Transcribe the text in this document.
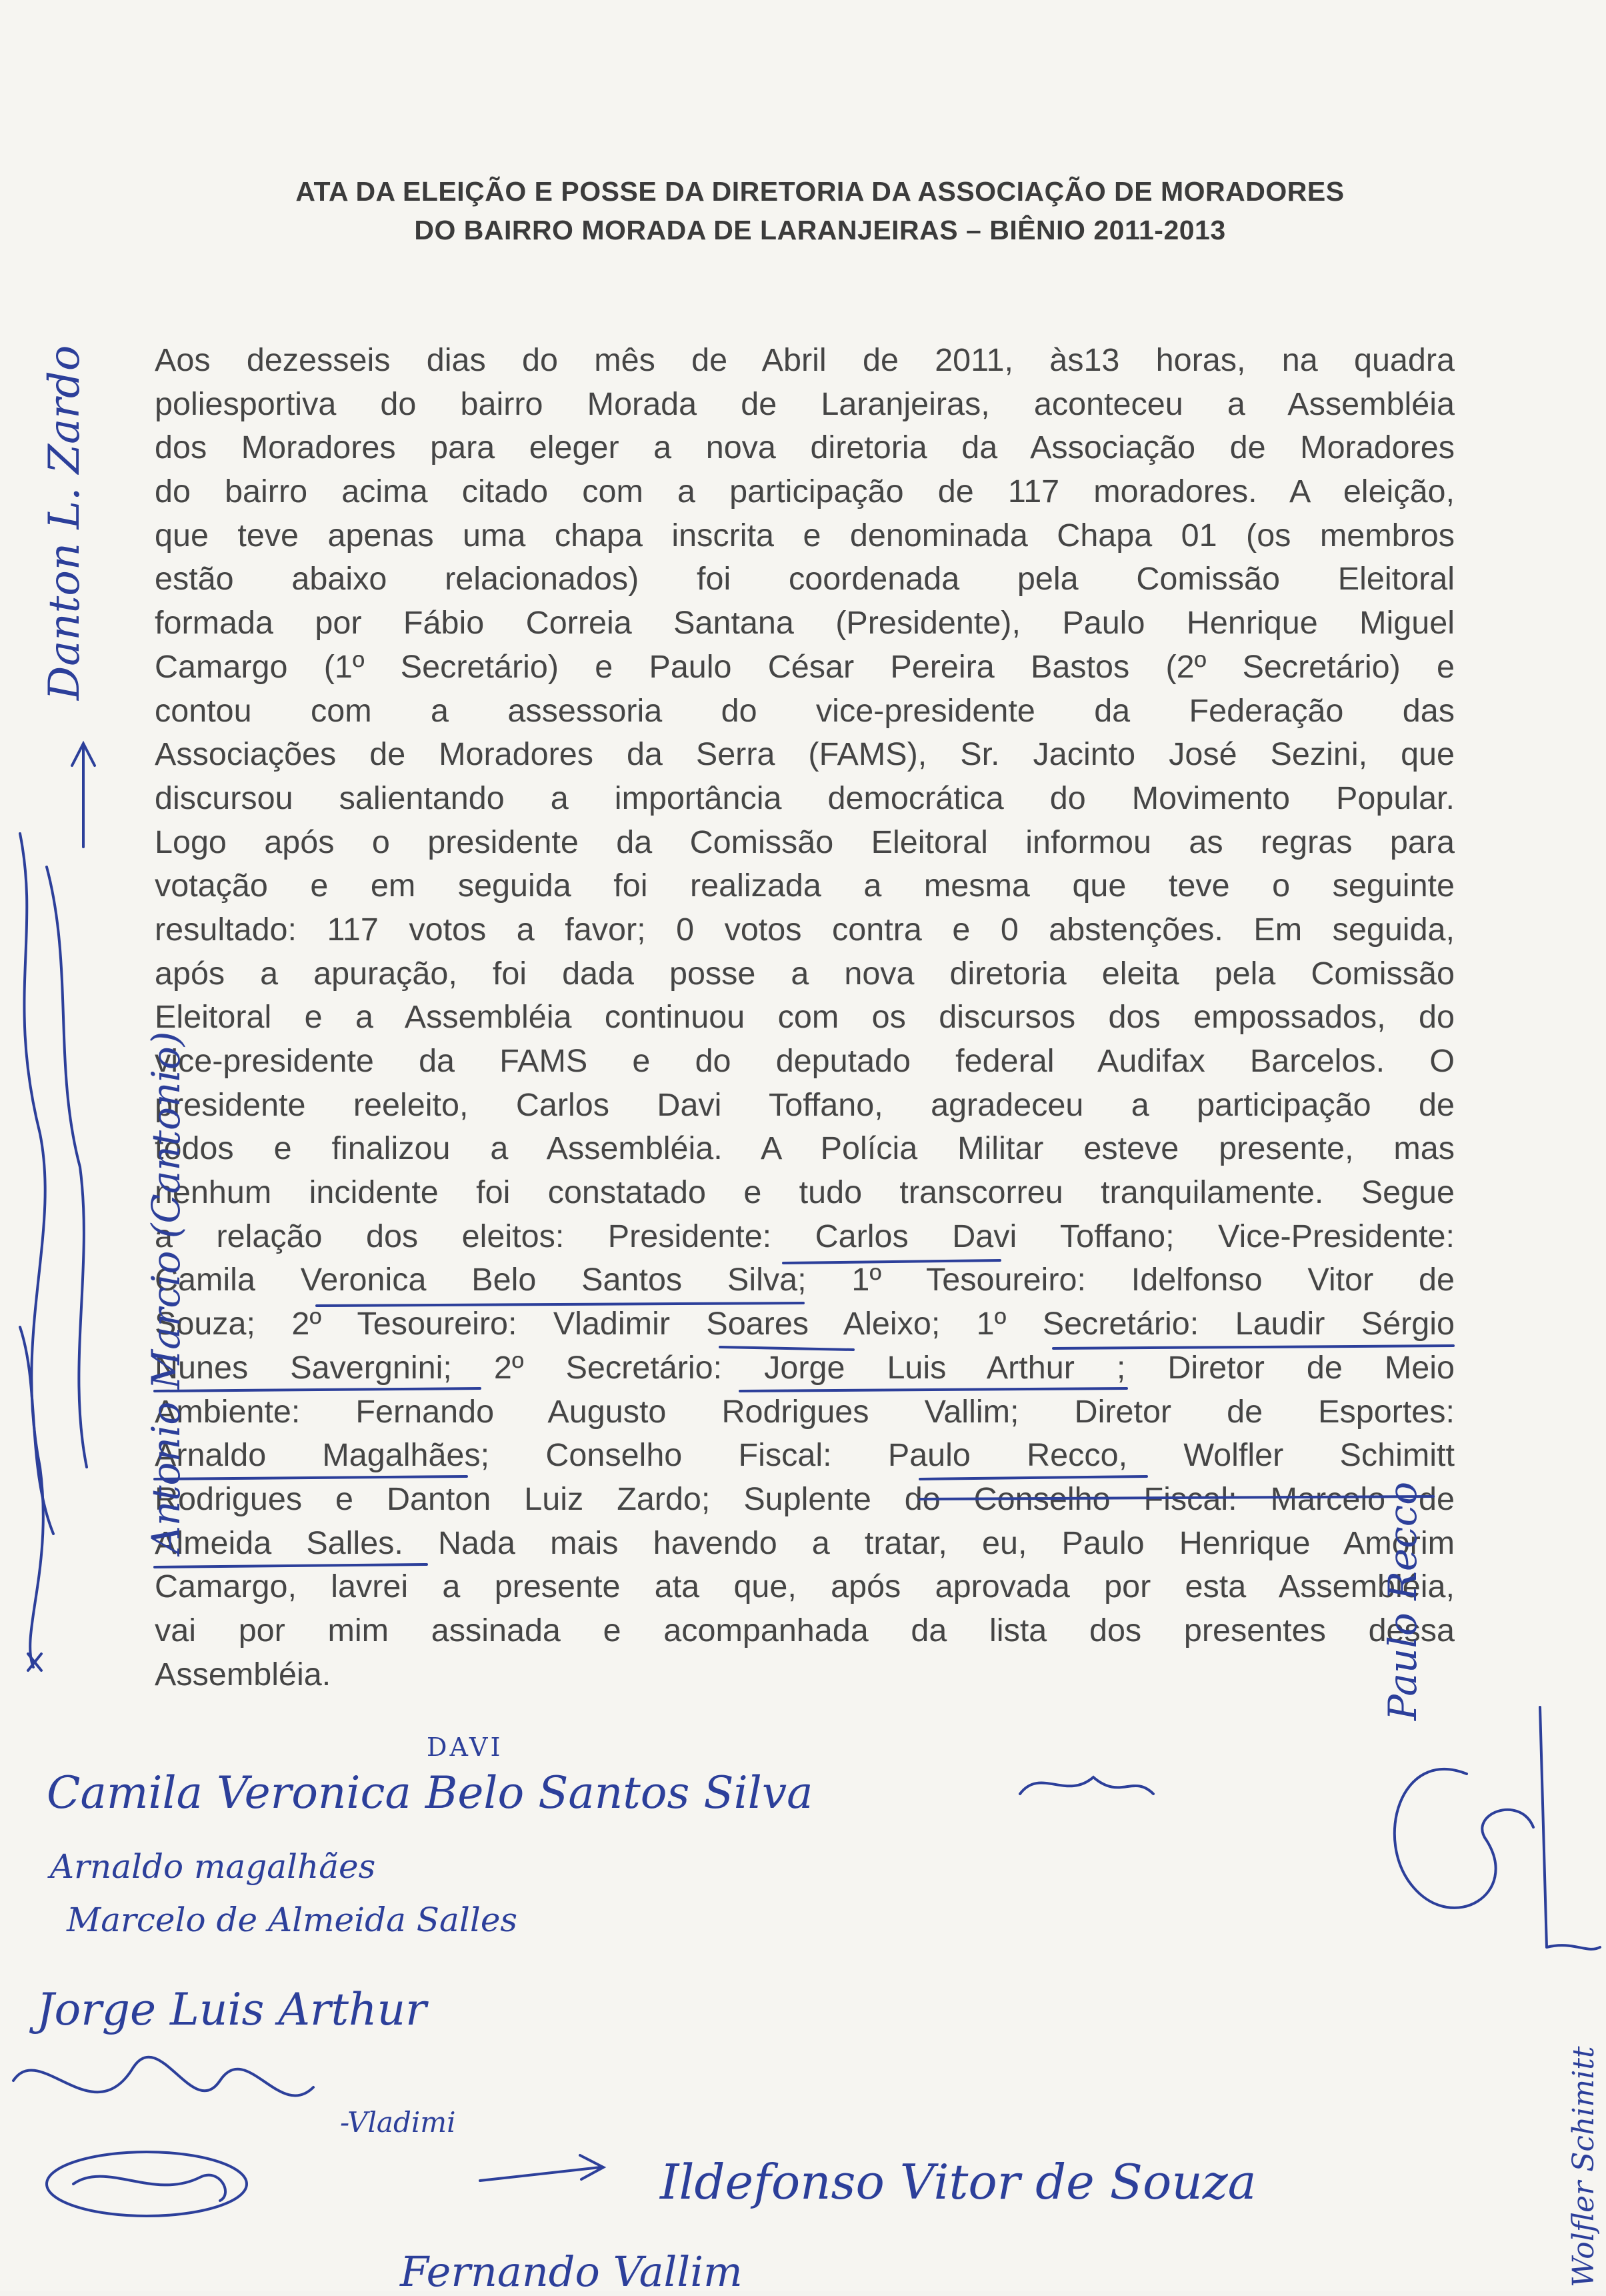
ATA DA ELEIÇÃO E POSSE DA DIRETORIA DA ASSOCIAÇÃO DE MORADORES
DO BAIRRO MORADA DE LARANJEIRAS – BIÊNIO 2011-2013
Aos dezesseis dias do mês de Abril de 2011, às13 horas, na quadra
poliesportiva do bairro Morada de Laranjeiras, aconteceu a Assembléia
dos Moradores para eleger a nova diretoria da Associação de Moradores
do bairro acima citado com a participação de 117 moradores. A eleição,
que teve apenas uma chapa inscrita e denominada Chapa 01 (os membros
estão abaixo relacionados) foi coordenada pela Comissão Eleitoral
formada por Fábio Correia Santana (Presidente), Paulo Henrique Miguel
Camargo (1º Secretário) e Paulo César Pereira Bastos (2º Secretário) e
contou com a assessoria do vice-presidente da Federação das
Associações de Moradores da Serra (FAMS), Sr. Jacinto José Sezini, que
discursou salientando a importância democrática do Movimento Popular.
Logo após o presidente da Comissão Eleitoral informou as regras para
votação e em seguida foi realizada a mesma que teve o seguinte
resultado: 117 votos a favor; 0 votos contra e 0 abstenções. Em seguida,
após a apuração, foi dada posse a nova diretoria eleita pela Comissão
Eleitoral e a Assembléia continuou com os discursos dos empossados, do
vice-presidente da FAMS e do deputado federal Audifax Barcelos. O
presidente reeleito, Carlos Davi Toffano, agradeceu a participação de
todos e finalizou a Assembléia. A Polícia Militar esteve presente, mas
nenhum incidente foi constatado e tudo transcorreu tranquilamente. Segue
a relação dos eleitos: Presidente: Carlos Davi Toffano; Vice-Presidente:
Camila Veronica Belo Santos Silva; 1º Tesoureiro: Idelfonso Vitor de
Souza; 2º Tesoureiro: Vladimir Soares Aleixo; 1º Secretário: Laudir Sérgio
Nunes Savergnini; 2º Secretário: Jorge Luis Arthur ; Diretor de Meio
Ambiente: Fernando Augusto Rodrigues Vallim; Diretor de Esportes:
Arnaldo Magalhães; Conselho Fiscal: Paulo Recco, Wolfler Schimitt
Rodrigues e Danton Luiz Zardo; Suplente do Conselho Fiscal: Marcelo de
Almeida Salles. Nada mais havendo a tratar, eu, Paulo Henrique Amorim
Camargo, lavrei a presente ata que, após aprovada por esta Assembléia,
vai por mim assinada e acompanhada da lista dos presentes dessa
Assembléia.
DAVI
Camila Veronica Belo Santos Silva
Arnaldo magalhães
Marcelo de Almeida Salles
Jorge Luis Arthur
-Vladimi
Ildefonso Vitor de Souza
Fernando Vallim
Paulo Recco
Danton L. Zardo
Antonio Marcio (Cantonio)
Wolfler Schimitt
